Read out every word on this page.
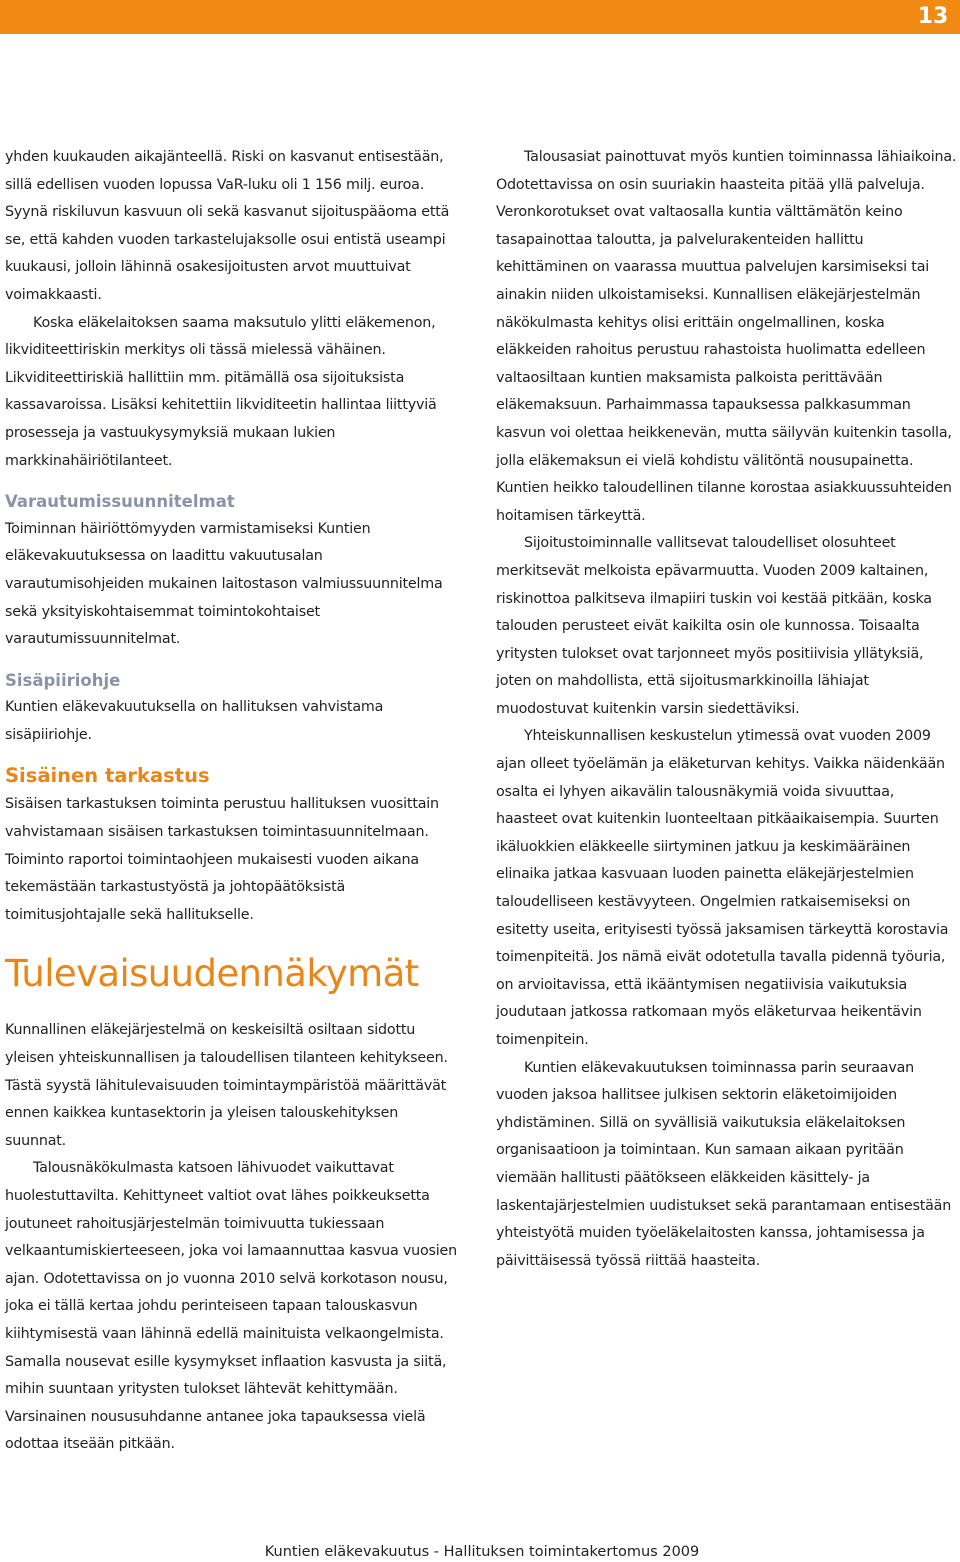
13

yhden kuukauden aikajänteellä. Riski on kasvanut entisestään, sillä edellisen vuoden lopussa VaR-luku oli 1 156 milj. euroa. Syynä riskiluvun kasvuun oli sekä kasvanut sijoituspääoma että se, että kahden vuoden tarkastelujaksolle osui entistä useampi kuukausi, jolloin lähinnä osakesijoitusten arvot muuttuivat voimakkaasti.

Koska eläkelaitoksen saama maksutulo ylitti eläkemenon, likviditeettiriskin merkitys oli tässä mielessä vähäinen. Likviditeettiriskiä hallittiin mm. pitämällä osa sijoituksista kassavaroissa. Lisäksi kehitettiin likviditeetin hallintaa liittyviä prosesseja ja vastuukysymyksiä mukaan lukien markkinahäiriötilanteet.

Varautumissuunnitelmat

Toiminnan häiriöttömyyden varmistamiseksi Kuntien eläkevakuutuksessa on laadittu vakuutusalan varautumisohjeiden mukainen laitostason valmiussuunnitelma sekä yksityiskohtaisemmat toimintokohtaiset varautumissuunnitelmat.

Sisäpiiriohje

Kuntien eläkevakuutuksella on hallituksen vahvistama sisäpiiriohje.

Sisäinen tarkastus

Sisäisen tarkastuksen toiminta perustuu hallituksen vuosittain vahvistamaan sisäisen tarkastuksen toimintasuunnitelmaan. Toiminto raportoi toimintaohjeen mukaisesti vuoden aikana tekemästään tarkastustyöstä ja johtopäätöksistä toimitusjohtajalle sekä hallitukselle.

Tulevaisuudennäkymät

Kunnallinen eläkejärjestelmä on keskeisiltä osiltaan sidottu yleisen yhteiskunnallisen ja taloudellisen tilanteen kehitykseen. Tästä syystä lähitulevaisuuden toimintaympäristöä määrittävät ennen kaikkea kuntasektorin ja yleisen talouskehityksen suunnat.

Talousnäkökulmasta katsoen lähivuodet vaikuttavat huolestuttavilta. Kehittyneet valtiot ovat lähes poikkeuksetta joutuneet rahoitusjärjestelmän toimivuutta tukiessaan velkaantumiskierteeseen, joka voi lamaannuttaa kasvua vuosien ajan. Odotettavissa on jo vuonna 2010 selvä korkotason nousu, joka ei tällä kertaa johdu perinteiseen tapaan talouskasvun kiihtymisestä vaan lähinnä edellä mainituista velkaongelmista. Samalla nousevat esille kysymykset inflaation kasvusta ja siitä, mihin suuntaan yritysten tulokset lähtevät kehittymään. Varsinainen noususuhdanne antanee joka tapauksessa vielä odottaa itseään pitkään.

Talousasiat painottuvat myös kuntien toiminnassa lähiaikoina. Odotettavissa on osin suuriakin haasteita pitää yllä palveluja. Veronkorotukset ovat valtaosalla kuntia välttämätön keino tasapainottaa taloutta, ja palvelurakenteiden hallittu kehittäminen on vaarassa muuttua palvelujen karsimiseksi tai ainakin niiden ulkoistamiseksi. Kunnallisen eläkejärjestelmän näkökulmasta kehitys olisi erittäin ongelmallinen, koska eläkkeiden rahoitus perustuu rahastoista huolimatta edelleen valtaosiltaan kuntien maksamista palkoista perittävään eläkemaksuun. Parhaimmassa tapauksessa palkkasumman kasvun voi olettaa heikkenevän, mutta säilyvän kuitenkin tasolla, jolla eläkemaksun ei vielä kohdistu välitöntä nousupainetta. Kuntien heikko taloudellinen tilanne korostaa asiakkuussuhteiden hoitamisen tärkeyttä.

Sijoitustoiminnalle vallitsevat taloudelliset olosuhteet merkitsevät melkoista epävarmuutta. Vuoden 2009 kaltainen, riskinottoa palkitseva ilmapiiri tuskin voi kestää pitkään, koska talouden perusteet eivät kaikilta osin ole kunnossa. Toisaalta yritysten tulokset ovat tarjonneet myös positiivisia yllätyksiä, joten on mahdollista, että sijoitusmarkkinoilla lähiajat muodostuvat kuitenkin varsin siedettäviksi.

Yhteiskunnallisen keskustelun ytimessä ovat vuoden 2009 ajan olleet työelämän ja eläketurvan kehitys. Vaikka näidenkään osalta ei lyhyen aikavälin talousnäkymiä voida sivuuttaa, haasteet ovat kuitenkin luonteeltaan pitkäaikaisempia. Suurten ikäluokkien eläkkeelle siirtyminen jatkuu ja keskimääräinen elinaika jatkaa kasvuaan luoden painetta eläkejärjestelmien taloudelliseen kestävyyteen. Ongelmien ratkaisemiseksi on esitetty useita, erityisesti työssä jaksamisen tärkeyttä korostavia toimenpiteitä. Jos nämä eivät odotetulla tavalla pidennä työuria, on arvioitavissa, että ikääntymisen negatiivisia vaikutuksia joudutaan jatkossa ratkomaan myös eläketurvaa heikentävin toimenpitein.

Kuntien eläkevakuutuksen toiminnassa parin seuraavan vuoden jaksoa hallitsee julkisen sektorin eläketoimijoiden yhdistäminen. Sillä on syvällisiä vaikutuksia eläkelaitoksen organisaatioon ja toimintaan. Kun samaan aikaan pyritään viemään hallitusti päätökseen eläkkeiden käsittely- ja laskentajärjestelmien uudistukset sekä parantamaan entisestään yhteistyötä muiden työeläkelaitosten kanssa, johtamisessa ja päivittäisessä työssä riittää haasteita.

Kuntien eläkevakuutus - Hallituksen toimintakertomus 2009
